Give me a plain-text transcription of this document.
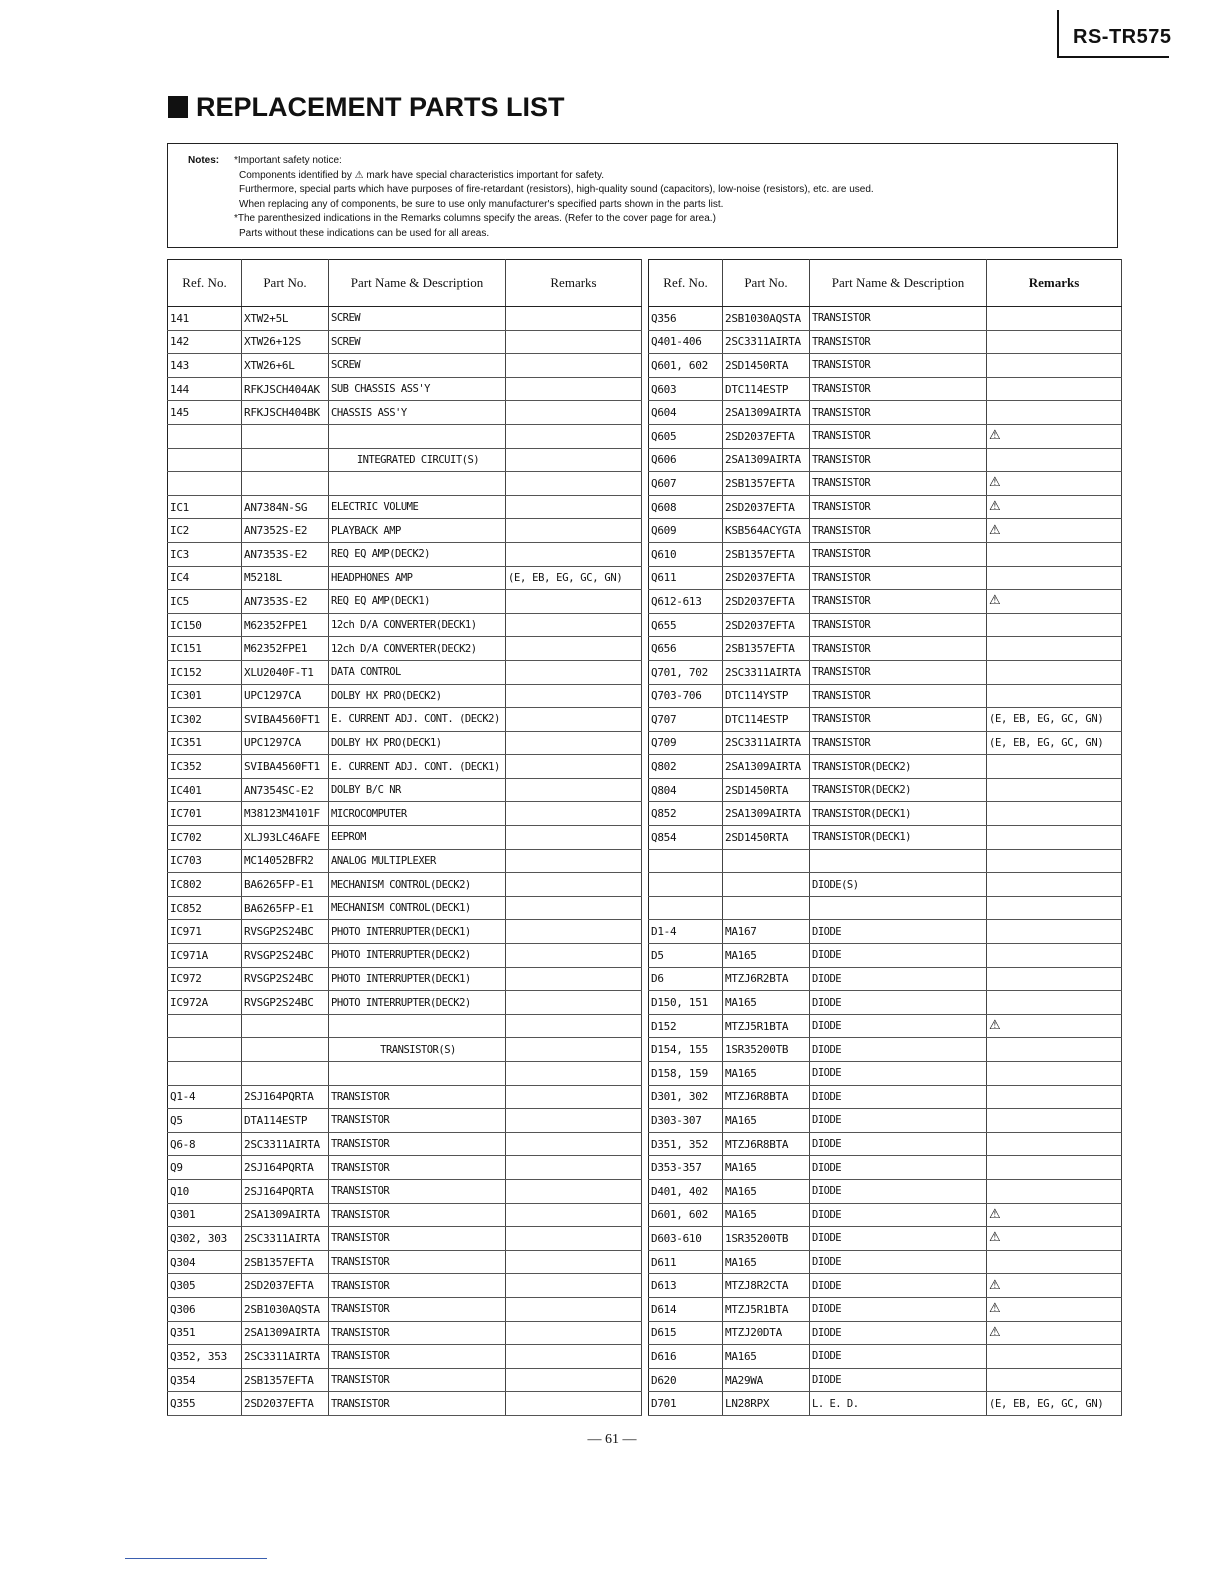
RS-TR575
REPLACEMENT PARTS LIST
Notes: *Important safety notice:
Components identified by ⚠ mark have special characteristics important for safety.
Furthermore, special parts which have purposes of fire-retardant (resistors), high-quality sound (capacitors), low-noise (resistors), etc. are used.
When replacing any of components, be sure to use only manufacturer's specified parts shown in the parts list.
*The parenthesized indications in the Remarks columns specify the areas. (Refer to the cover page for area.)
Parts without these indications can be used for all areas.
Ref. No.	Part No.	Part Name & Description	Remarks
141	XTW2+5L	SCREW	
142	XTW26+12S	SCREW	
143	XTW26+6L	SCREW	
144	RFKJSCH404AK	SUB CHASSIS ASS'Y	
145	RFKJSCH404BK	CHASSIS ASS'Y	

		INTEGRATED CIRCUIT(S)	

IC1	AN7384N-SG	ELECTRIC VOLUME	
IC2	AN7352S-E2	PLAYBACK AMP	
IC3	AN7353S-E2	REQ EQ AMP(DECK2)	
IC4	M5218L	HEADPHONES AMP	(E, EB, EG, GC, GN)
IC5	AN7353S-E2	REQ EQ AMP(DECK1)	
IC150	M62352FPE1	12ch D/A CONVERTER(DECK1)	
IC151	M62352FPE1	12ch D/A CONVERTER(DECK2)	
IC152	XLU2040F-T1	DATA CONTROL	
IC301	UPC1297CA	DOLBY HX PRO(DECK2)	
IC302	SVIBA4560FT1	E. CURRENT ADJ. CONT. (DECK2)	
IC351	UPC1297CA	DOLBY HX PRO(DECK1)	
IC352	SVIBA4560FT1	E. CURRENT ADJ. CONT. (DECK1)	
IC401	AN7354SC-E2	DOLBY B/C NR	
IC701	M38123M4101F	MICROCOMPUTER	
IC702	XLJ93LC46AFE	EEPROM	
IC703	MC14052BFR2	ANALOG MULTIPLEXER	
IC802	BA6265FP-E1	MECHANISM CONTROL(DECK2)	
IC852	BA6265FP-E1	MECHANISM CONTROL(DECK1)	
IC971	RVSGP2S24BC	PHOTO INTERRUPTER(DECK1)	
IC971A	RVSGP2S24BC	PHOTO INTERRUPTER(DECK2)	
IC972	RVSGP2S24BC	PHOTO INTERRUPTER(DECK1)	
IC972A	RVSGP2S24BC	PHOTO INTERRUPTER(DECK2)	

		TRANSISTOR(S)	

Q1-4	2SJ164PQRTA	TRANSISTOR	
Q5	DTA114ESTP	TRANSISTOR	
Q6-8	2SC3311AIRTA	TRANSISTOR	
Q9	2SJ164PQRTA	TRANSISTOR	
Q10	2SJ164PQRTA	TRANSISTOR	
Q301	2SA1309AIRTA	TRANSISTOR	
Q302, 303	2SC3311AIRTA	TRANSISTOR	
Q304	2SB1357EFTA	TRANSISTOR	
Q305	2SD2037EFTA	TRANSISTOR	
Q306	2SB1030AQSTA	TRANSISTOR	
Q351	2SA1309AIRTA	TRANSISTOR	
Q352, 353	2SC3311AIRTA	TRANSISTOR	
Q354	2SB1357EFTA	TRANSISTOR	
Q355	2SD2037EFTA	TRANSISTOR	
Ref. No.	Part No.	Part Name & Description	Remarks
Q356	2SB1030AQSTA	TRANSISTOR	
Q401-406	2SC3311AIRTA	TRANSISTOR	
Q601, 602	2SD1450RTA	TRANSISTOR	
Q603	DTC114ESTP	TRANSISTOR	
Q604	2SA1309AIRTA	TRANSISTOR	
Q605	2SD2037EFTA	TRANSISTOR	⚠
Q606	2SA1309AIRTA	TRANSISTOR	
Q607	2SB1357EFTA	TRANSISTOR	⚠
Q608	2SD2037EFTA	TRANSISTOR	⚠
Q609	KSB564ACYGTA	TRANSISTOR	⚠
Q610	2SB1357EFTA	TRANSISTOR	
Q611	2SD2037EFTA	TRANSISTOR	
Q612-613	2SD2037EFTA	TRANSISTOR	⚠
Q655	2SD2037EFTA	TRANSISTOR	
Q656	2SB1357EFTA	TRANSISTOR	
Q701, 702	2SC3311AIRTA	TRANSISTOR	
Q703-706	DTC114YSTP	TRANSISTOR	
Q707	DTC114ESTP	TRANSISTOR	(E, EB, EG, GC, GN)
Q709	2SC3311AIRTA	TRANSISTOR	(E, EB, EG, GC, GN)
Q802	2SA1309AIRTA	TRANSISTOR(DECK2)	
Q804	2SD1450RTA	TRANSISTOR(DECK2)	
Q852	2SA1309AIRTA	TRANSISTOR(DECK1)	
Q854	2SD1450RTA	TRANSISTOR(DECK1)	

		DIODE(S)	

D1-4	MA167	DIODE	
D5	MA165	DIODE	
D6	MTZJ6R2BTA	DIODE	
D150, 151	MA165	DIODE	
D152	MTZJ5R1BTA	DIODE	⚠
D154, 155	1SR35200TB	DIODE	
D158, 159	MA165	DIODE	
D301, 302	MTZJ6R8BTA	DIODE	
D303-307	MA165	DIODE	
D351, 352	MTZJ6R8BTA	DIODE	
D353-357	MA165	DIODE	
D401, 402	MA165	DIODE	
D601, 602	MA165	DIODE	⚠
D603-610	1SR35200TB	DIODE	⚠
D611	MA165	DIODE	
D613	MTZJ8R2CTA	DIODE	⚠
D614	MTZJ5R1BTA	DIODE	⚠
D615	MTZJ20DTA	DIODE	⚠
D616	MA165	DIODE	
D620	MA29WA	DIODE	
D701	LN28RPX	L. E. D.	(E, EB, EG, GC, GN)
— 61 —
